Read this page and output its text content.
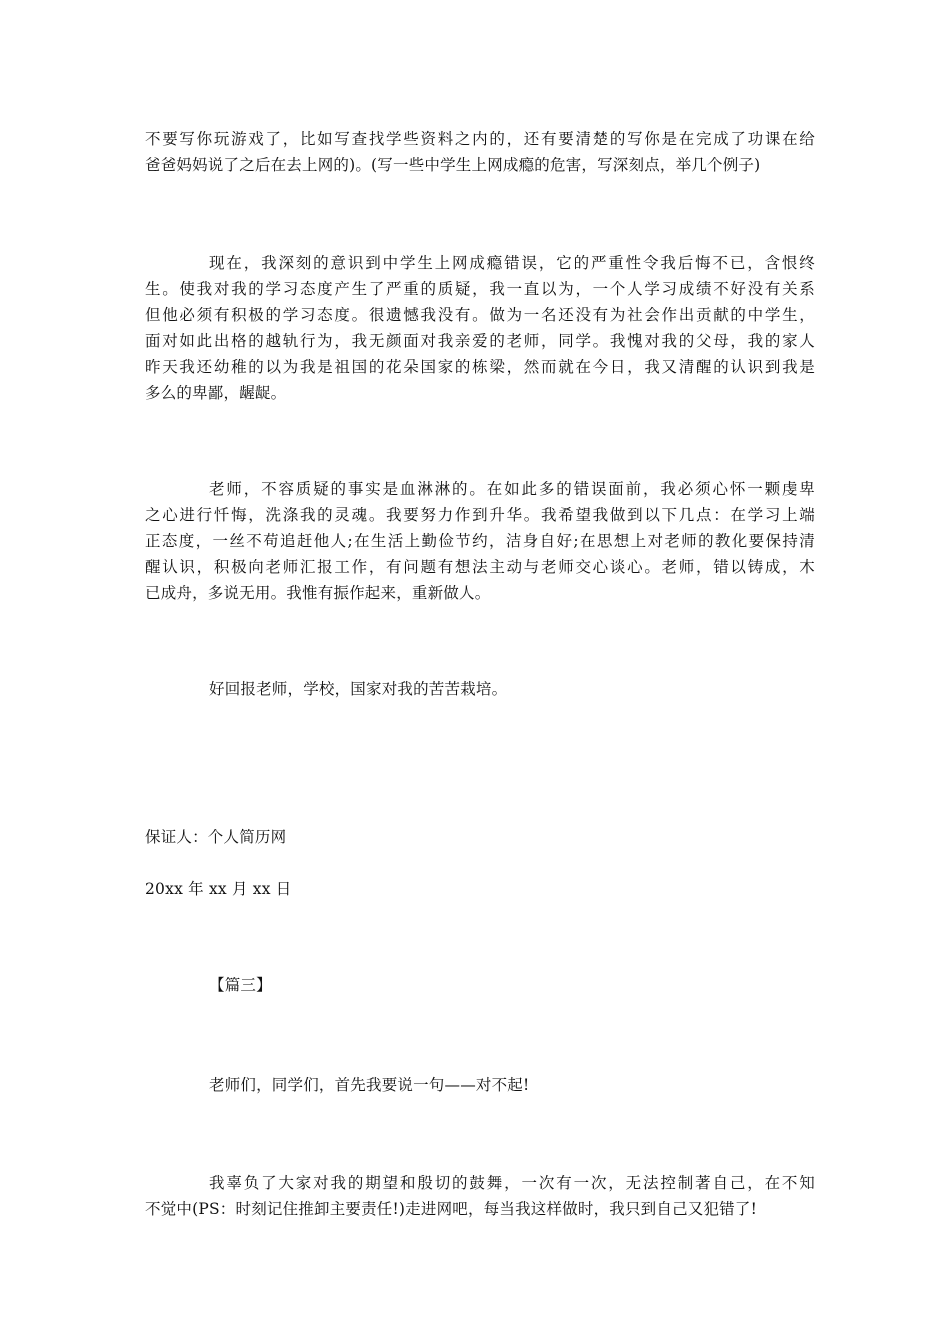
不要写你玩游戏了，比如写查找学些资料之内的，还有要清楚的写你是在完成了功课在给
爸爸妈妈说了之后在去上网的)。(写一些中学生上网成瘾的危害，写深刻点，举几个例子)
现在，我深刻的意识到中学生上网成瘾错误，它的严重性令我后悔不已，含恨终
生。使我对我的学习态度产生了严重的质疑，我一直以为，一个人学习成绩不好没有关系
但他必须有积极的学习态度。很遗憾我没有。做为一名还没有为社会作出贡献的中学生，
面对如此出格的越轨行为，我无颜面对我亲爱的老师，同学。我愧对我的父母，我的家人
昨天我还幼稚的以为我是祖国的花朵国家的栋梁，然而就在今日，我又清醒的认识到我是
多么的卑鄙，龌龊。
老师，不容质疑的事实是血淋淋的。在如此多的错误面前，我必须心怀一颗虔卑
之心进行忏悔，洗涤我的灵魂。我要努力作到升华。我希望我做到以下几点：在学习上端
正态度，一丝不苟追赶他人;在生活上勤俭节约，洁身自好;在思想上对老师的教化要保持清
醒认识，积极向老师汇报工作，有问题有想法主动与老师交心谈心。老师，错以铸成，木
已成舟，多说无用。我惟有振作起来，重新做人。
好回报老师，学校，国家对我的苦苦栽培。
保证人：个人简历网
20xx 年 xx 月 xx 日
【篇三】
老师们，同学们，首先我要说一句——对不起!
我辜负了大家对我的期望和殷切的鼓舞，一次有一次，无法控制著自己，在不知
不觉中(PS：时刻记住推卸主要责任!)走进网吧，每当我这样做时，我只到自己又犯错了!
